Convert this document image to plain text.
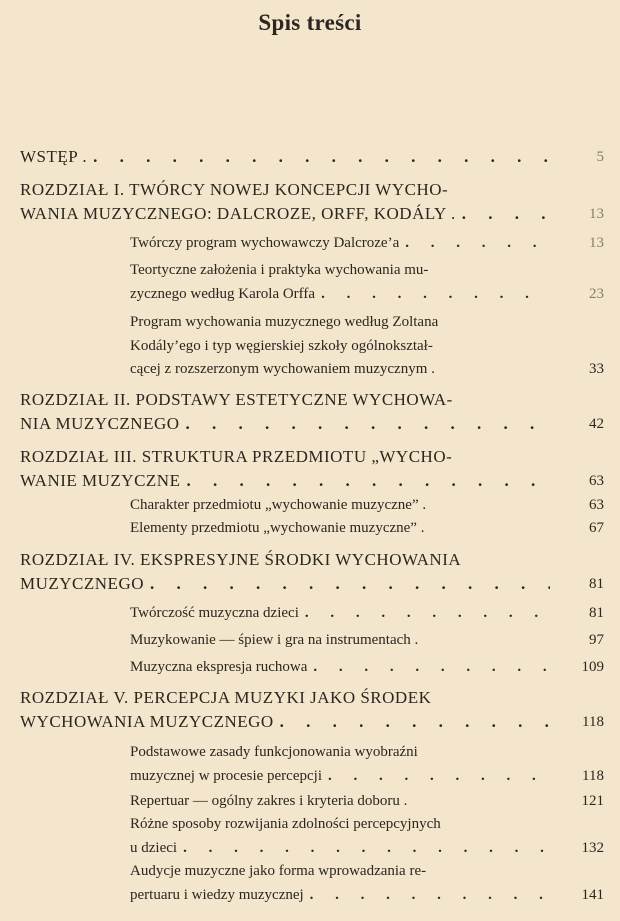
Spis treści
WSTĘP . . . .	5
ROZDZIAŁ I. TWÓRCY NOWEJ KONCEPCJI WYCHO-
WANIA MUZYCZNEGO: DALCROZE, ORFF, KODÁLY . . . .	13
Twórczy program wychowawczy Dalcroze’a . . .	13
Teortyczne założenia i praktyka wychowania mu-
zycznego według Karola Orffa . . .	23
Program wychowania muzycznego według Zoltana
Kodály’ego i typ węgierskiej szkoły ogólnokształ-
cącej z rozszerzonym wychowaniem muzycznym .	33
ROZDZIAŁ II. PODSTAWY ESTETYCZNE WYCHOWA-
NIA MUZYCZNEGO . . .	42
ROZDZIAŁ III. STRUKTURA PRZEDMIOTU „WYCHO-
WANIE MUZYCZNE . . .	63
Charakter przedmiotu „wychowanie muzyczne” .	63
Elementy przedmiotu „wychowanie muzyczne” .	67
ROZDZIAŁ IV. EKSPRESYJNE ŚRODKI WYCHOWANIA
MUZYCZNEGO . . .	81
Twórczość muzyczna dzieci . . .	81
Muzykowanie — śpiew i gra na instrumentach .	97
Muzyczna ekspresja ruchowa . . .	109
ROZDZIAŁ V. PERCEPCJA MUZYKI JAKO ŚRODEK
WYCHOWANIA MUZYCZNEGO . . .	118
Podstawowe zasady funkcjonowania wyobraźni
muzycznej w procesie percepcji . . .	118
Repertuar — ogólny zakres i kryteria doboru .	121
Różne sposoby rozwijania zdolności percepcyjnych
u dzieci . . .	132
Audycje muzyczne jako forma wprowadzania re-
pertuaru i wiedzy muzycznej . . .	141
